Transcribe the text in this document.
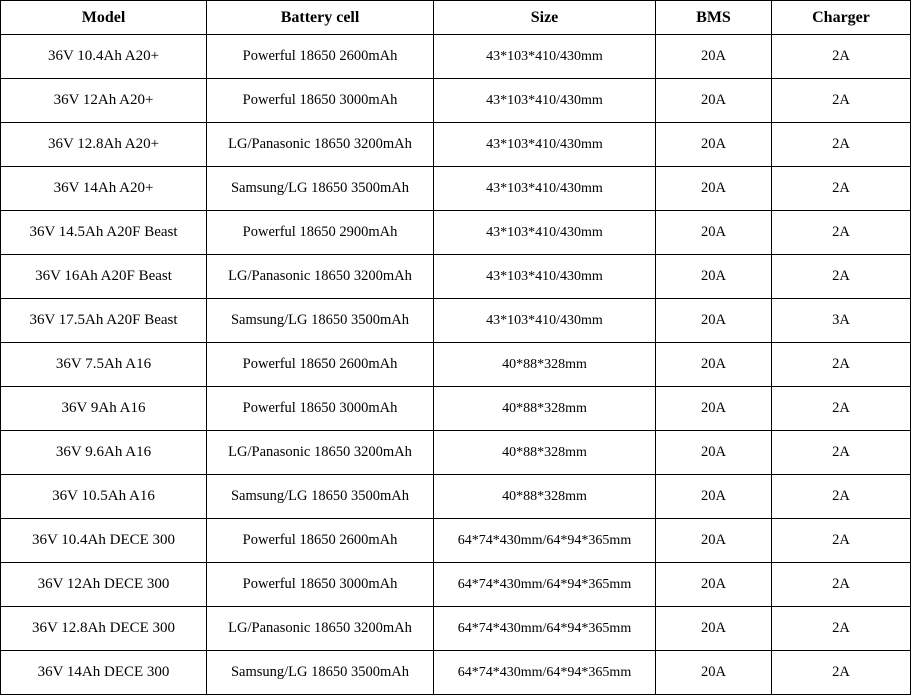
Model	Battery cell	Size	BMS	Charger
36V 10.4Ah A20+	Powerful 18650 2600mAh	43*103*410/430mm	20A	2A
36V 12Ah A20+	Powerful 18650 3000mAh	43*103*410/430mm	20A	2A
36V 12.8Ah A20+	LG/Panasonic 18650 3200mAh	43*103*410/430mm	20A	2A
36V 14Ah A20+	Samsung/LG 18650 3500mAh	43*103*410/430mm	20A	2A
36V 14.5Ah A20F Beast	Powerful 18650 2900mAh	43*103*410/430mm	20A	2A
36V 16Ah A20F Beast	LG/Panasonic 18650 3200mAh	43*103*410/430mm	20A	2A
36V 17.5Ah A20F Beast	Samsung/LG 18650 3500mAh	43*103*410/430mm	20A	3A
36V 7.5Ah A16	Powerful 18650 2600mAh	40*88*328mm	20A	2A
36V 9Ah A16	Powerful 18650 3000mAh	40*88*328mm	20A	2A
36V 9.6Ah A16	LG/Panasonic 18650 3200mAh	40*88*328mm	20A	2A
36V 10.5Ah A16	Samsung/LG 18650 3500mAh	40*88*328mm	20A	2A
36V 10.4Ah DECE 300	Powerful 18650 2600mAh	64*74*430mm/64*94*365mm	20A	2A
36V 12Ah DECE 300	Powerful 18650 3000mAh	64*74*430mm/64*94*365mm	20A	2A
36V 12.8Ah DECE 300	LG/Panasonic 18650 3200mAh	64*74*430mm/64*94*365mm	20A	2A
36V 14Ah DECE 300	Samsung/LG 18650 3500mAh	64*74*430mm/64*94*365mm	20A	2A
